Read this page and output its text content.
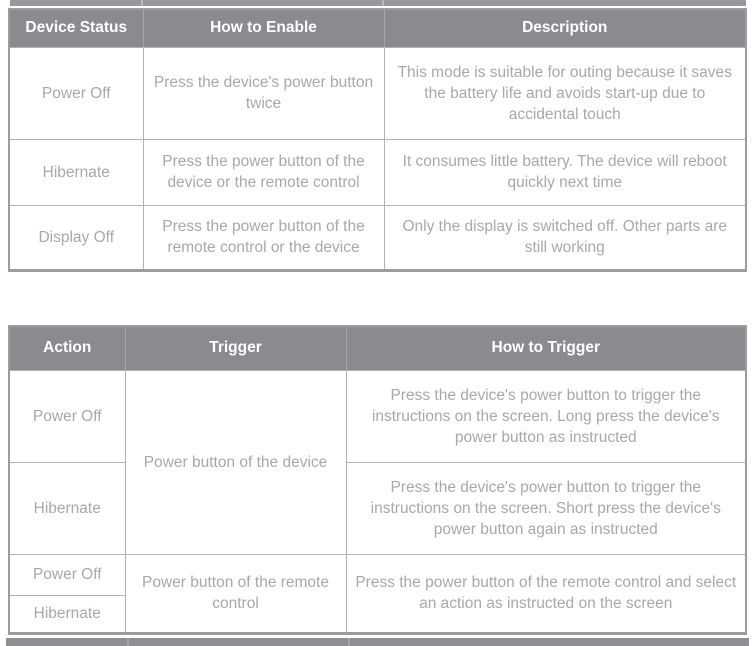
Device Status	How to Enable	Description
Power Off	Press the device's power button twice	This mode is suitable for outing because it saves the battery life and avoids start-up due to accidental touch
Hibernate	Press the power button of the device or the remote control	It consumes little battery. The device will reboot quickly next time
Display Off	Press the power button of the remote control or the device	Only the display is switched off. Other parts are still working
Action	Trigger	How to Trigger
Power Off	Power button of the device	Press the device's power button to trigger the instructions on the screen. Long press the device's power button as instructed
Hibernate		Press the device's power button to trigger the instructions on the screen. Short press the device's power button again as instructed
Power Off	Power button of the remote control	Press the power button of the remote control and select an action as instructed on the screen
Hibernate		
